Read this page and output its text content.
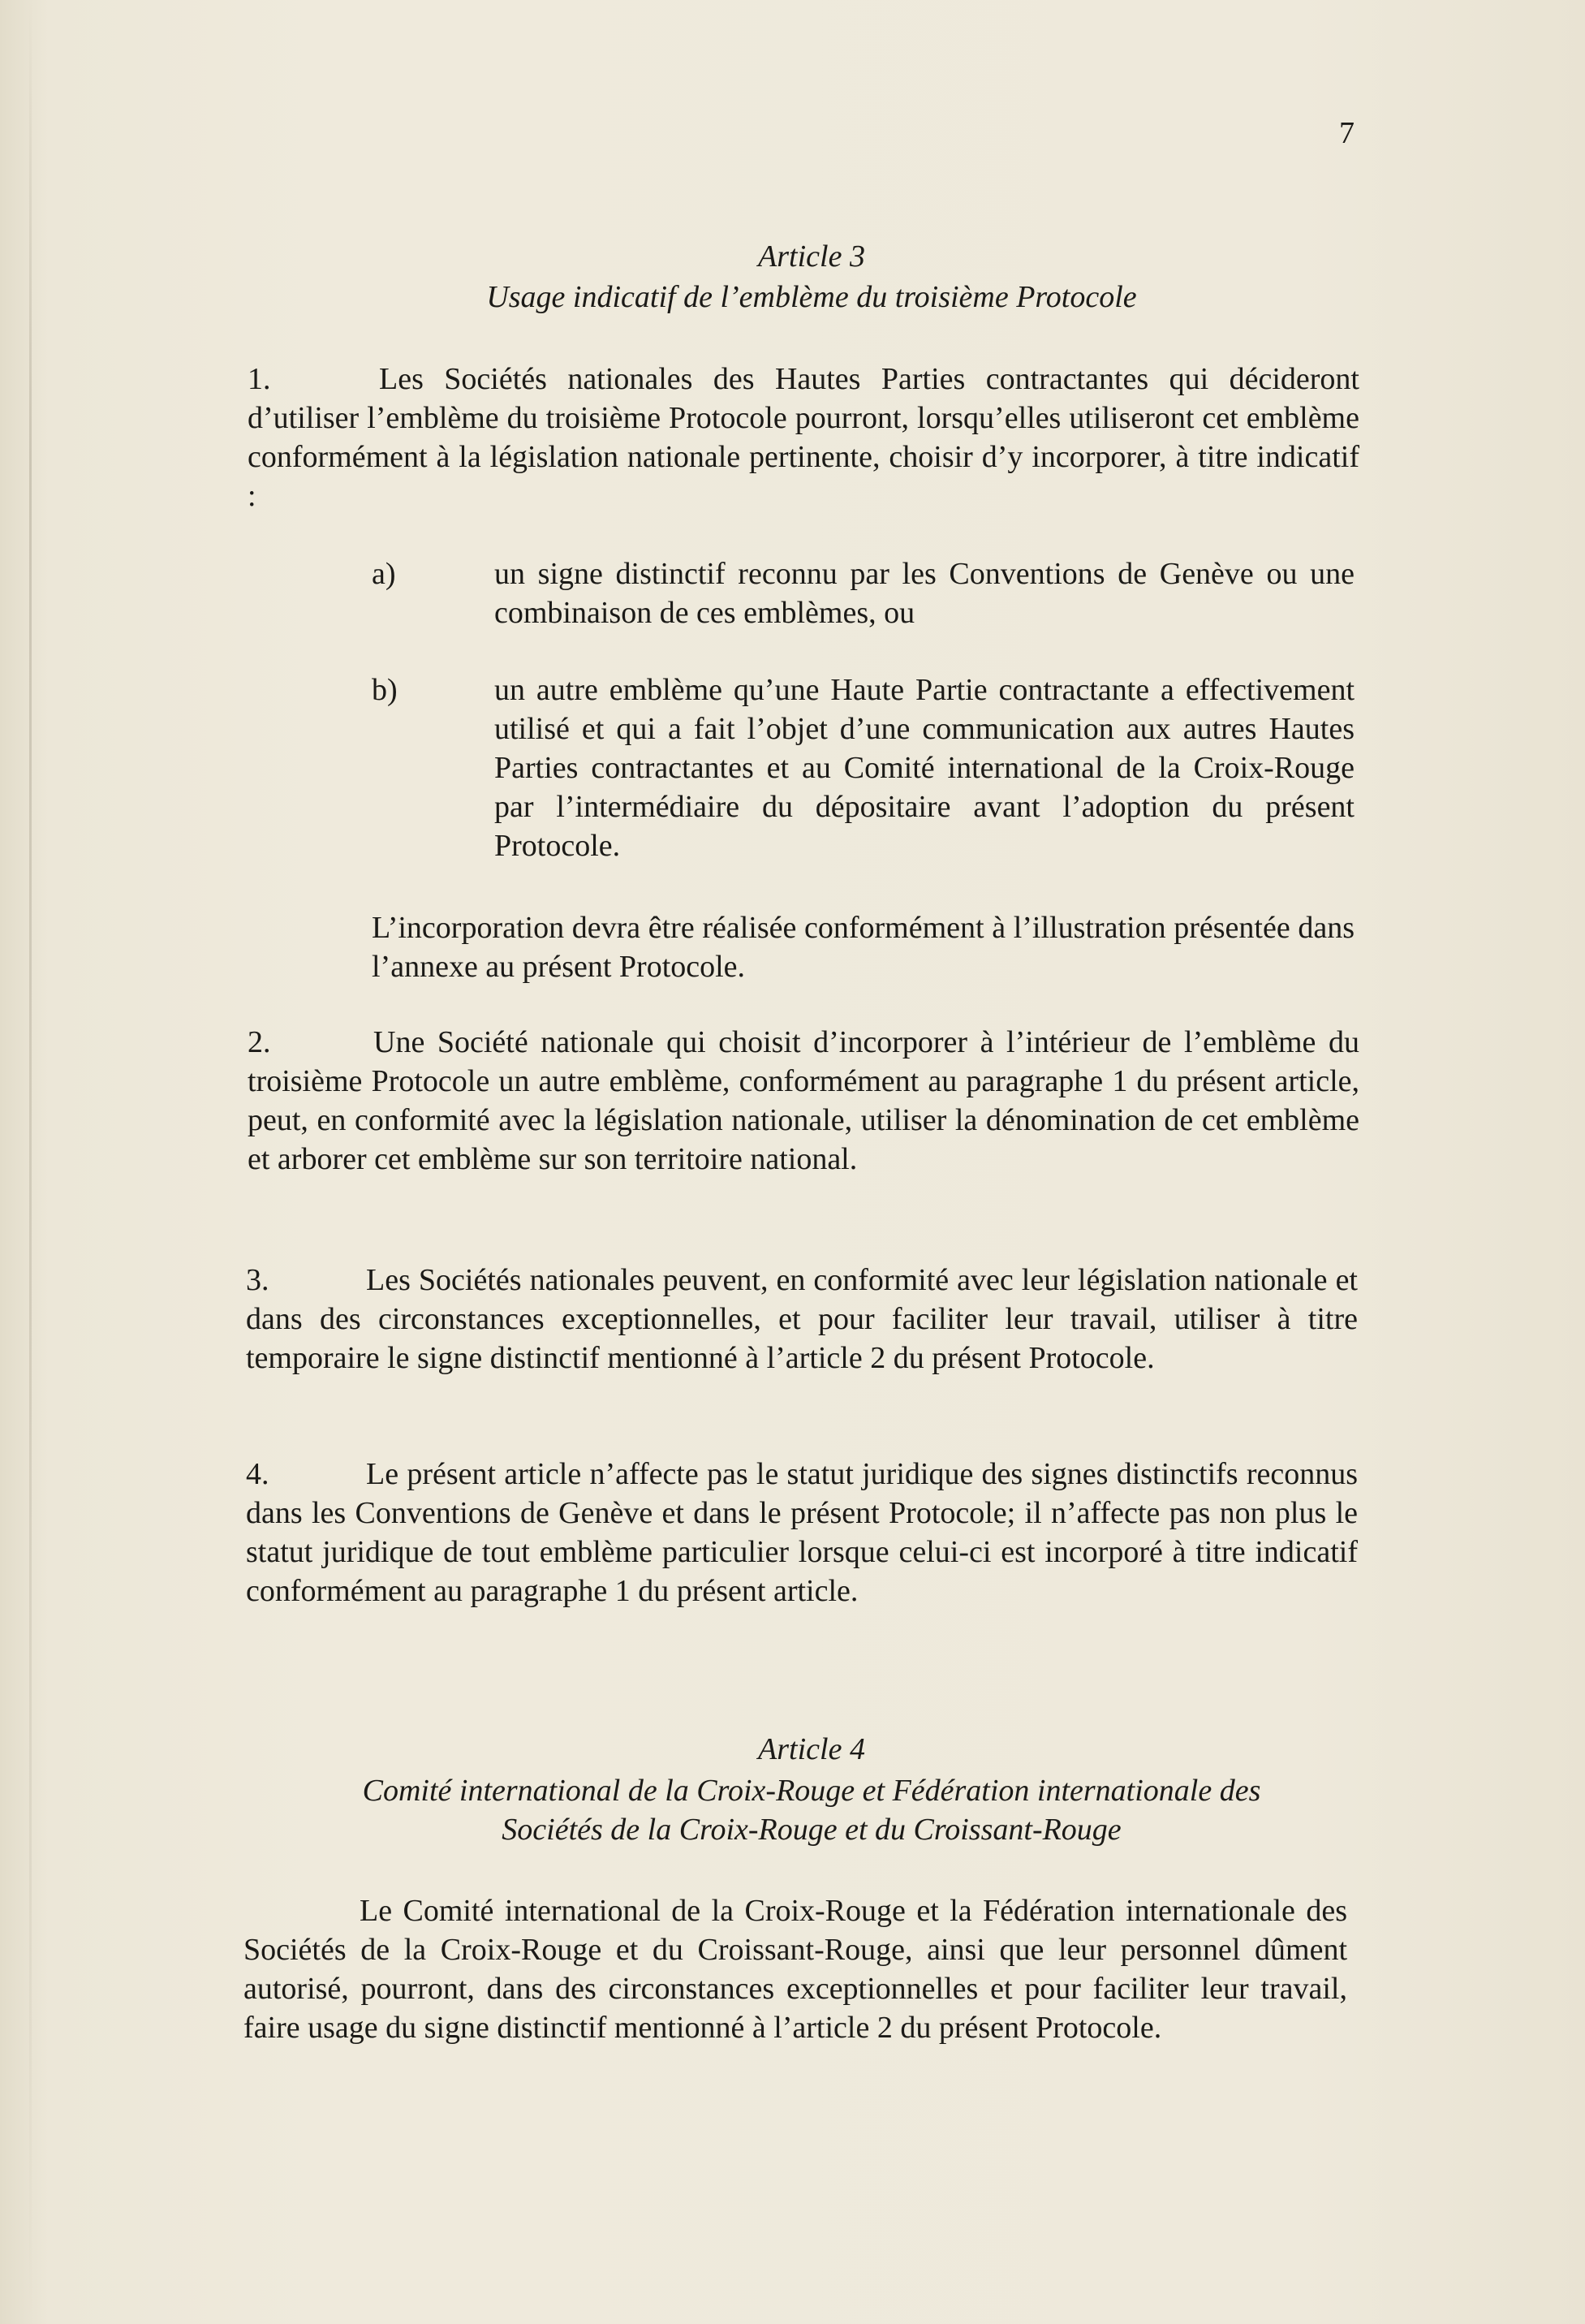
7
Article 3
Usage indicatif de l’emblème du troisième Protocole
1.	Les Sociétés nationales des Hautes Parties contractantes qui décideront d’utiliser l’emblème du troisième Protocole pourront, lorsqu’elles utiliseront cet emblème conformément à la législation nationale pertinente, choisir d’y incorporer, à titre indicatif :
a)	un signe distinctif reconnu par les Conventions de Genève ou une combinaison de ces emblèmes, ou
b)	un autre emblème qu’une Haute Partie contractante a effectivement utilisé et qui a fait l’objet d’une communication aux autres Hautes Parties contractantes et au Comité international de la Croix-Rouge par l’intermédiaire du dépositaire avant l’adoption du présent Protocole.
L’incorporation devra être réalisée conformément à l’illustration présentée dans l’annexe au présent Protocole.
2.	Une Société nationale qui choisit d’incorporer à l’intérieur de l’emblème du troisième Protocole un autre emblème, conformément au paragraphe 1 du présent article, peut, en conformité avec la législation nationale, utiliser la dénomination de cet emblème et arborer cet emblème sur son territoire national.
3.	Les Sociétés nationales peuvent, en conformité avec leur législation nationale et dans des circonstances exceptionnelles, et pour faciliter leur travail, utiliser à titre temporaire le signe distinctif mentionné à l’article 2 du présent Protocole.
4.	Le présent article n’affecte pas le statut juridique des signes distinctifs reconnus dans les Conventions de Genève et dans le présent Protocole; il n’affecte pas non plus le statut juridique de tout emblème particulier lorsque celui-ci est incorporé à titre indicatif conformément au paragraphe 1 du présent article.
Article 4
Comité international de la Croix-Rouge et Fédération internationale des
Sociétés de la Croix-Rouge et du Croissant-Rouge
Le Comité international de la Croix-Rouge et la Fédération internationale des Sociétés de la Croix-Rouge et du Croissant-Rouge, ainsi que leur personnel dûment autorisé, pourront, dans des circonstances exceptionnelles et pour faciliter leur travail, faire usage du signe distinctif mentionné à l’article 2 du présent Protocole.
